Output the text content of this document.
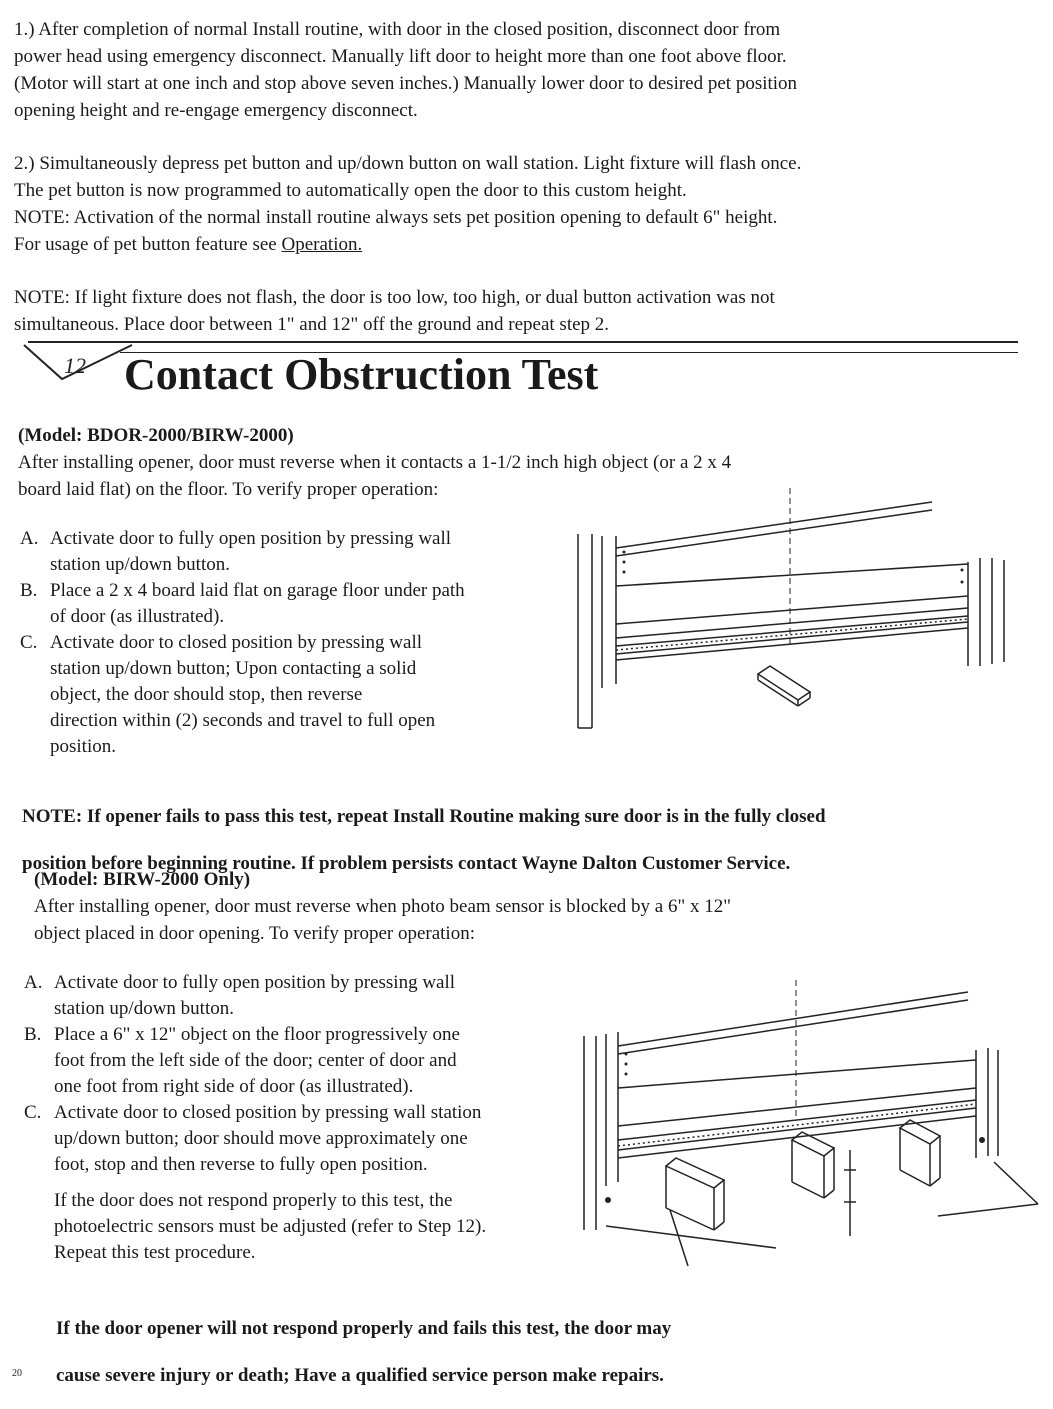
1.) After completion of normal Install routine, with door in the closed position, disconnect door from

power head using emergency disconnect. Manually lift door to height more than one foot above floor.

(Motor will start at one inch and stop above seven inches.) Manually lower door to desired pet position

opening height and re-engage emergency disconnect.

2.) Simultaneously depress pet button and up/down button on wall station. Light fixture will flash once.

The pet button is now programmed to automatically open the door to this custom height.

NOTE: Activation of the normal install routine always sets pet position opening to default 6" height.

For usage of pet button feature see Operation.

NOTE: If light fixture does not flash, the door is too low, too high, or dual button activation was not

simultaneous. Place door between 1" and 12" off the ground and repeat step 2.

12 Contact Obstruction Test

(Model: BDOR-2000/BIRW-2000)

After installing opener, door must reverse when it contacts a 1-1/2 inch high object (or a 2 x 4

board laid flat) on the floor. To verify proper operation:

A. Activate door to fully open position by pressing wall
station up/down button.
B. Place a 2 x 4 board laid flat on garage floor under path
of door (as illustrated).
C. Activate door to closed position by pressing wall
station up/down button; Upon contacting a solid
object, the door should stop, then reverse
direction within (2) seconds and travel to full open
position.

NOTE: If opener fails to pass this test, repeat Install Routine making sure door is in the fully closed

position before beginning routine. If problem persists contact Wayne Dalton Customer Service.

(Model: BIRW-2000 Only)

After installing opener, door must reverse when photo beam sensor is blocked by a 6" x 12"

object placed in door opening. To verify proper operation:

A. Activate door to fully open position by pressing wall
station up/down button.
B. Place a 6" x 12" object on the floor progressively one
foot from the left side of the door; center of door and
one foot from right side of door (as illustrated).
C. Activate door to closed position by pressing wall station
up/down button; door should move approximately one
foot, stop and then reverse to fully open position.
If the door does not respond properly to this test, the
photoelectric sensors must be adjusted (refer to Step 12).
Repeat this test procedure.

If the door opener will not respond properly and fails this test, the door may

cause severe injury or death; Have a qualified service person make repairs.

20
